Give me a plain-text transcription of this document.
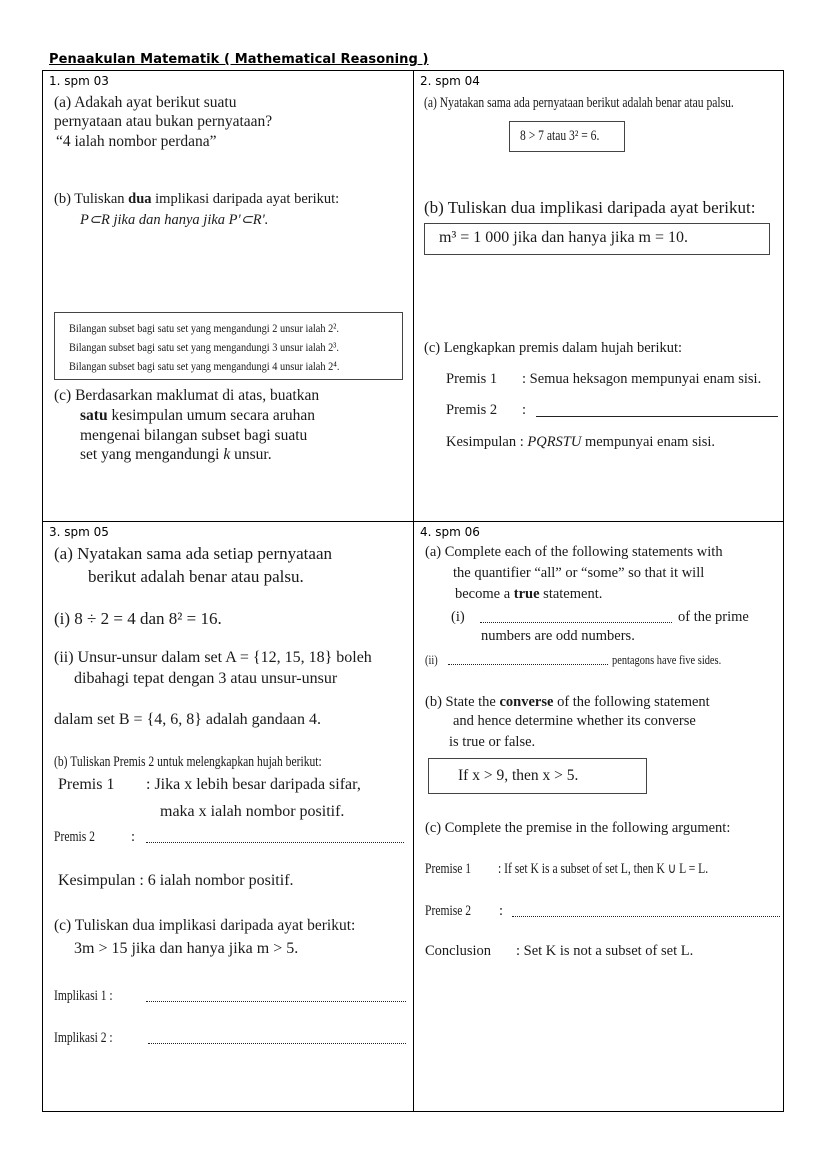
Penaakulan Matematik ( Mathematical Reasoning )
1. spm 03
(a) Adakah ayat berikut suatu
pernyataan atau bukan pernyataan?
“4 ialah nombor perdana”
(b) Tuliskan dua implikasi daripada ayat berikut:
P⊂R jika dan hanya jika P'⊂R'.
Bilangan subset bagi satu set yang mengandungi 2 unsur ialah 2².
Bilangan subset bagi satu set yang mengandungi 3 unsur ialah 2³.
Bilangan subset bagi satu set yang mengandungi 4 unsur ialah 2⁴.
(c) Berdasarkan maklumat di atas, buatkan
satu kesimpulan umum secara aruhan
mengenai bilangan subset bagi suatu
set yang mengandungi k unsur.
2. spm 04
(a) Nyatakan sama ada pernyataan berikut adalah benar atau palsu.
8 > 7 atau 3² = 6.
(b) Tuliskan dua implikasi daripada ayat berikut:
m³ = 1 000 jika dan hanya jika m = 10.
(c) Lengkapkan premis dalam hujah berikut:
Premis 1 : Semua heksagon mempunyai enam sisi.
Premis 2 :
Kesimpulan : PQRSTU mempunyai enam sisi.
3. spm 05
(a) Nyatakan sama ada setiap pernyataan
berikut adalah benar atau palsu.
(i) 8 ÷ 2 = 4 dan 8² = 16.
(ii) Unsur-unsur dalam set A = {12, 15, 18} boleh
dibahagi tepat dengan 3 atau unsur-unsur
dalam set B = {4, 6, 8} adalah gandaan 4.
(b) Tuliskan Premis 2 untuk melengkapkan hujah berikut:
Premis 1 : Jika x lebih besar daripada sifar,
maka x ialah nombor positif.
Premis 2 :
Kesimpulan : 6 ialah nombor positif.
(c) Tuliskan dua implikasi daripada ayat berikut:
3m > 15 jika dan hanya jika m > 5.
Implikasi 1 :
Implikasi 2 :
4. spm 06
(a) Complete each of the following statements with
the quantifier “all” or “some” so that it will
become a true statement.
(i)	of the prime
numbers are odd numbers.
(ii)	pentagons have five sides.
(b) State the converse of the following statement
and hence determine whether its converse
is true or false.
If x > 9, then x > 5.
(c) Complete the premise in the following argument:
Premise 1 : If set K is a subset of set L, then K ∪ L = L.
Premise 2 :
Conclusion : Set K is not a subset of set L.
